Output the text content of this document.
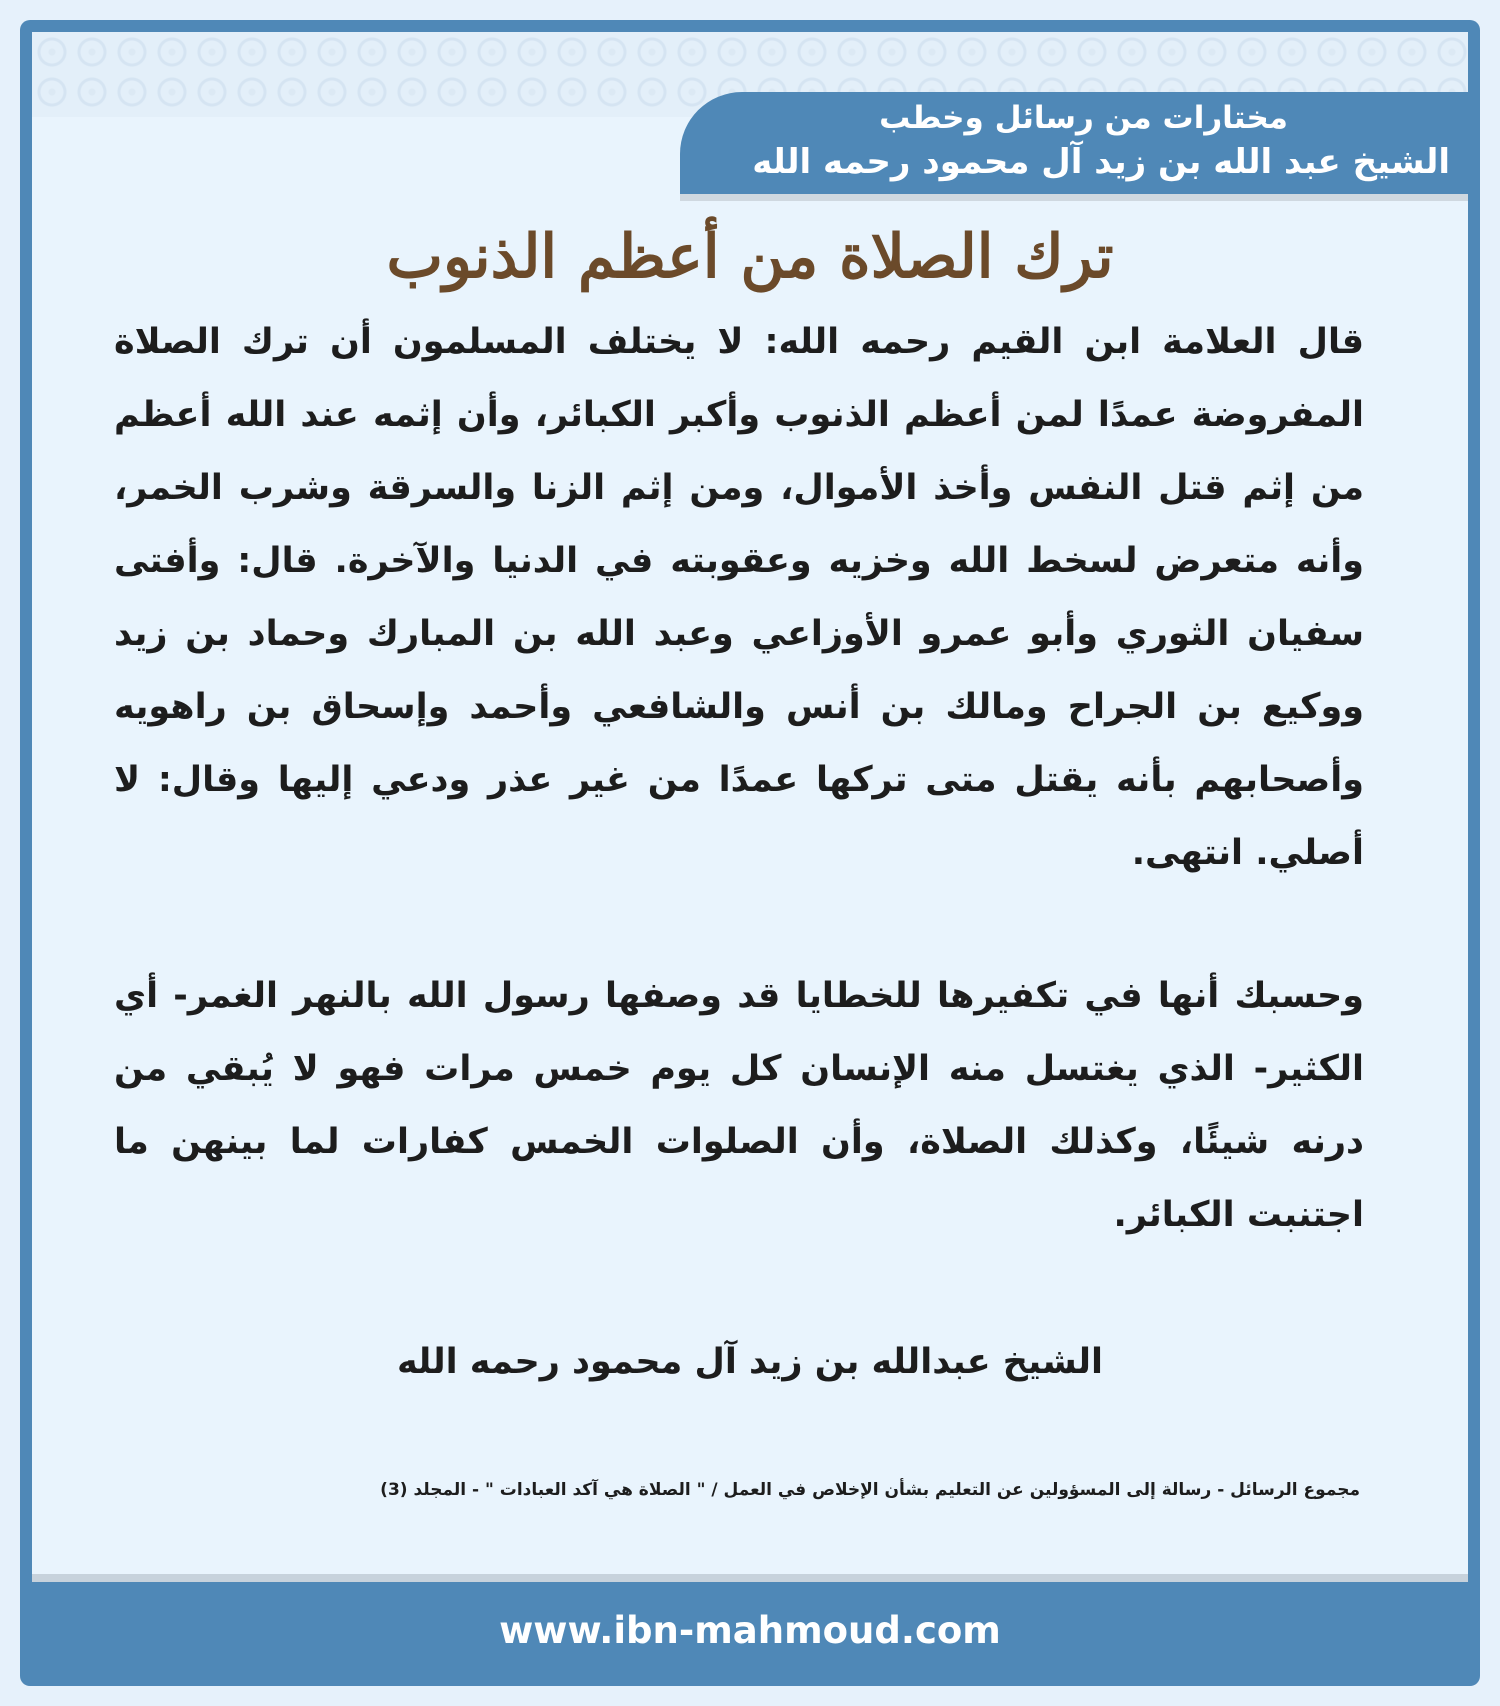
مختارات من رسائل وخطب
الشيخ عبد الله بن زيد آل محمود رحمه الله
ترك الصلاة من أعظم الذنوب
قال العلامة ابن القيم رحمه الله: لا يختلف المسلمون أن ترك الصلاة المفروضة عمدًا لمن أعظم الذنوب وأكبر الكبائر، وأن إثمه عند الله أعظم من إثم قتل النفس وأخذ الأموال، ومن إثم الزنا والسرقة وشرب الخمر، وأنه متعرض لسخط الله وخزيه وعقوبته في الدنيا والآخرة. قال: وأفتى سفيان الثوري وأبو عمرو الأوزاعي وعبد الله بن المبارك وحماد بن زيد ووكيع بن الجراح ومالك بن أنس والشافعي وأحمد وإسحاق بن راهويه وأصحابهم بأنه يقتل متى تركها عمدًا من غير عذر ودعي إليها وقال: لا أصلي. انتهى.
وحسبك أنها في تكفيرها للخطايا قد وصفها رسول الله بالنهر الغمر- أي الكثير- الذي يغتسل منه الإنسان كل يوم خمس مرات فهو لا يُبقي من درنه شيئًا، وكذلك الصلاة، وأن الصلوات الخمس كفارات لما بينهن ما اجتنبت الكبائر.
الشيخ عبدالله بن زيد آل محمود رحمه الله
مجموع الرسائل - رسالة إلى المسؤولين عن التعليم بشأن الإخلاص في العمل / " الصلاة هي آكد العبادات " - المجلد (3)
www.ibn-mahmoud.com
